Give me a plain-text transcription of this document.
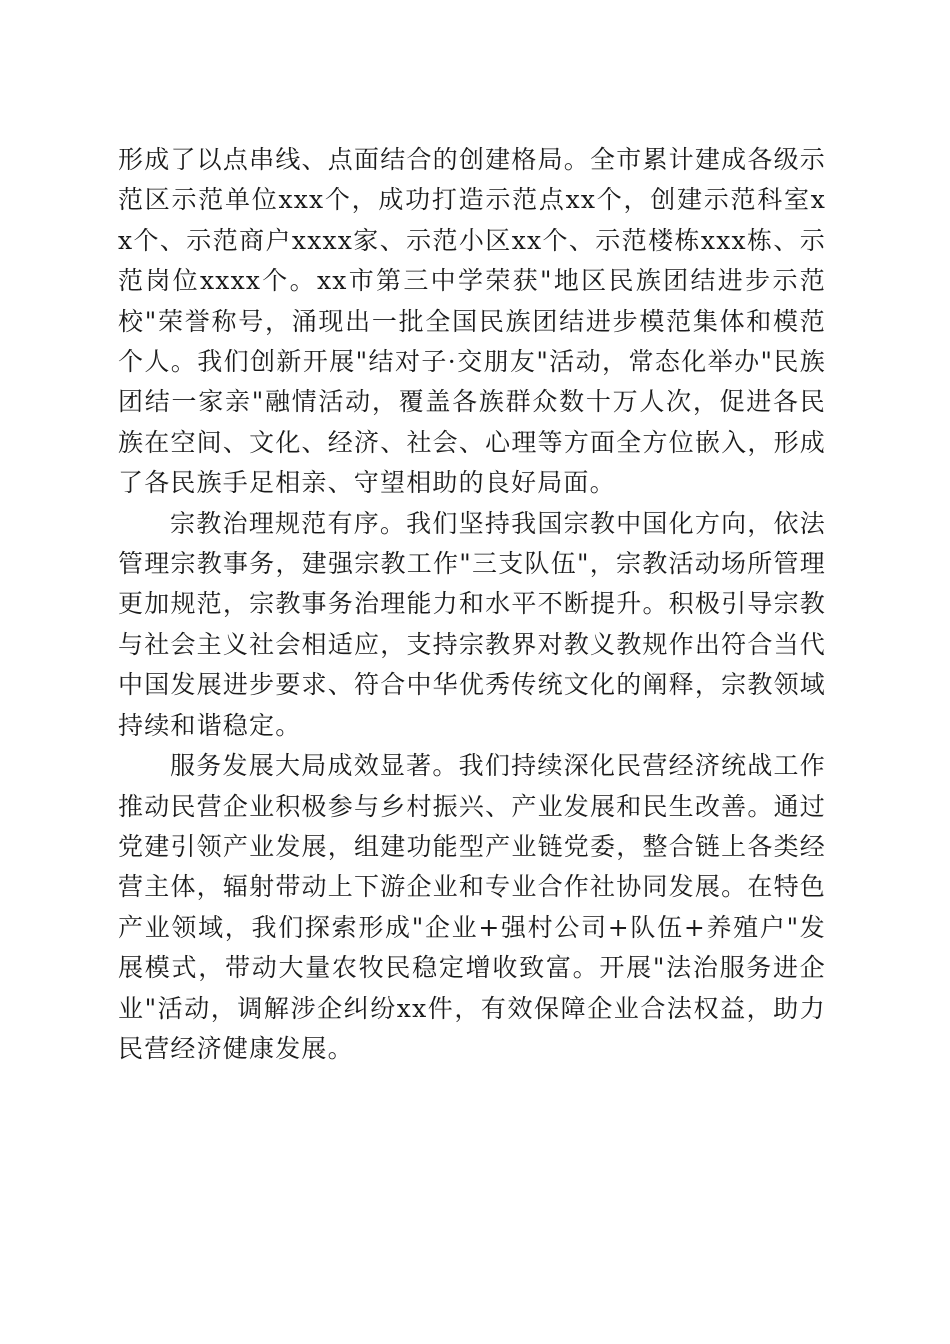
形成了以点串线、点面结合的创建格局。全市累计建成各级示范区示范单位xxx个，成功打造示范点xx个，创建示范科室xx个、示范商户xxxx家、示范小区xx个、示范楼栋xxx栋、示范岗位xxxx个。xx市第三中学荣获"地区民族团结进步示范校"荣誉称号，涌现出一批全国民族团结进步模范集体和模范个人。我们创新开展"结对子·交朋友"活动，常态化举办"民族团结一家亲"融情活动，覆盖各族群众数十万人次，促进各民族在空间、文化、经济、社会、心理等方面全方位嵌入，形成了各民族手足相亲、守望相助的良好局面。

宗教治理规范有序。我们坚持我国宗教中国化方向，依法管理宗教事务，建强宗教工作"三支队伍"，宗教活动场所管理更加规范，宗教事务治理能力和水平不断提升。积极引导宗教与社会主义社会相适应，支持宗教界对教义教规作出符合当代中国发展进步要求、符合中华优秀传统文化的阐释，宗教领域持续和谐稳定。

服务发展大局成效显著。我们持续深化民营经济统战工作推动民营企业积极参与乡村振兴、产业发展和民生改善。通过党建引领产业发展，组建功能型产业链党委，整合链上各类经营主体，辐射带动上下游企业和专业合作社协同发展。在特色产业领域，我们探索形成"企业+强村公司+队伍+养殖户"发展模式，带动大量农牧民稳定增收致富。开展"法治服务进企业"活动，调解涉企纠纷xx件，有效保障企业合法权益，助力民营经济健康发展。
